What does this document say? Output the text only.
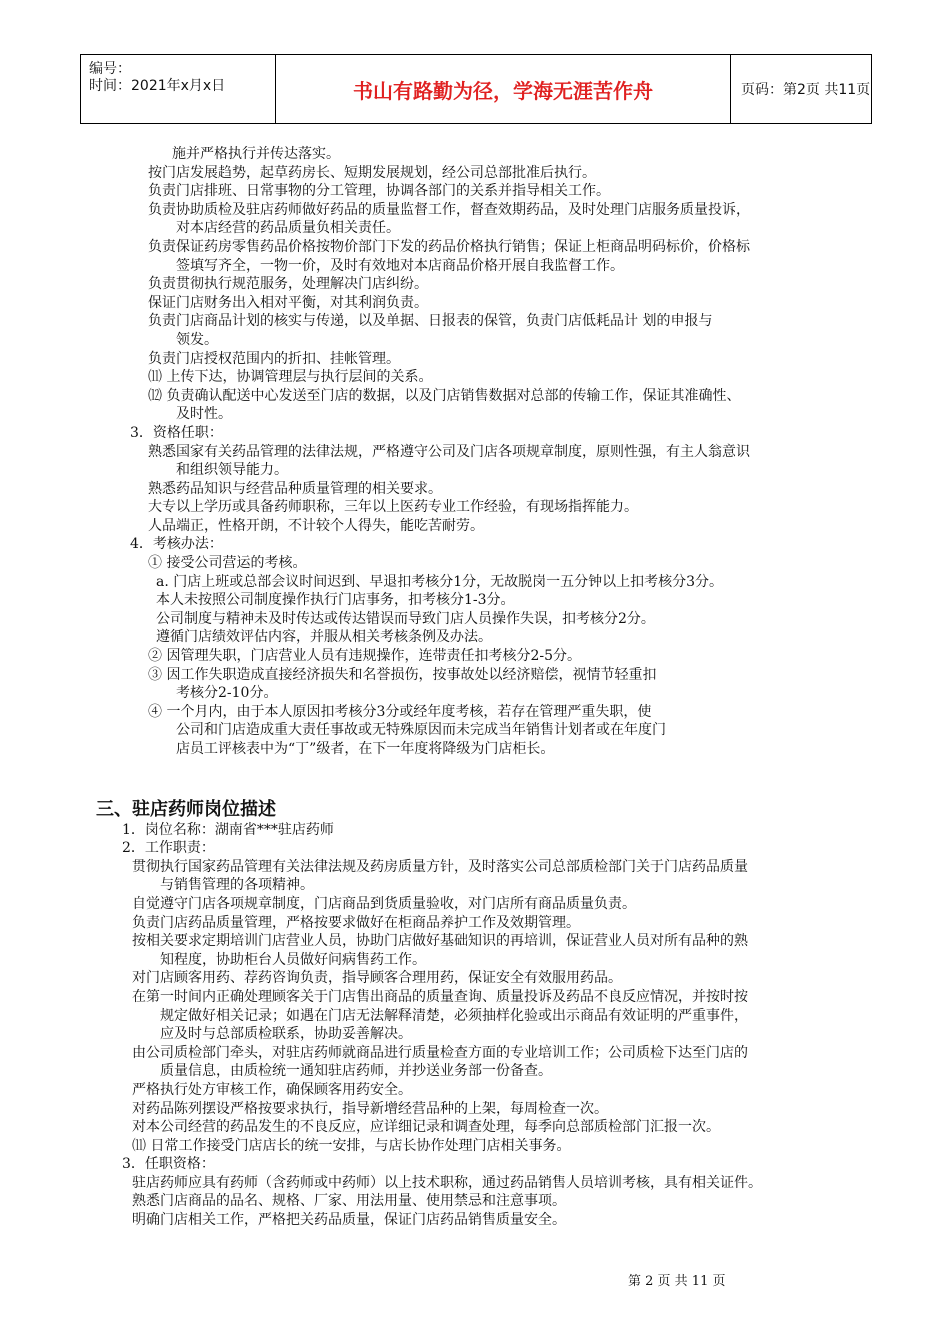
编号：
时间：2021年x月x日	书山有路勤为径，学海无涯苦作舟	页码：第2页 共11页
施并严格执行并传达落实。
按门店发展趋势，起草药房长、短期发展规划，经公司总部批准后执行。
负责门店排班、日常事物的分工管理，协调各部门的关系并指导相关工作。
负责协助质检及驻店药师做好药品的质量监督工作，督查效期药品，及时处理门店服务质量投诉，
对本店经营的药品质量负相关责任。
负责保证药房零售药品价格按物价部门下发的药品价格执行销售；保证上柜商品明码标价，价格标
签填写齐全，一物一价，及时有效地对本店商品价格开展自我监督工作。
负责贯彻执行规范服务，处理解决门店纠纷。
保证门店财务出入相对平衡，对其利润负责。
负责门店商品计划的核实与传递，以及单据、日报表的保管，负责门店低耗品计 划的申报与
领发。
负责门店授权范围内的折扣、挂帐管理。
⑾ 上传下达，协调管理层与执行层间的关系。
⑿ 负责确认配送中心发送至门店的数据，以及门店销售数据对总部的传输工作，保证其准确性、
及时性。
3．资格任职：
熟悉国家有关药品管理的法律法规，严格遵守公司及门店各项规章制度，原则性强，有主人翁意识
和组织领导能力。
熟悉药品知识与经营品种质量管理的相关要求。
大专以上学历或具备药师职称，三年以上医药专业工作经验，有现场指挥能力。
人品端正，性格开朗，不计较个人得失，能吃苦耐劳。
4．考核办法：
① 接受公司营运的考核。
a. 门店上班或总部会议时间迟到、早退扣考核分1分，无故脱岗一五分钟以上扣考核分3分。
本人未按照公司制度操作执行门店事务，扣考核分1-3分。
公司制度与精神未及时传达或传达错误而导致门店人员操作失误，扣考核分2分。
遵循门店绩效评估内容，并服从相关考核条例及办法。
② 因管理失职，门店营业人员有违规操作，连带责任扣考核分2-5分。
③ 因工作失职造成直接经济损失和名誉损伤，按事故处以经济赔偿，视情节轻重扣
考核分2-10分。
④ 一个月内，由于本人原因扣考核分3分或经年度考核，若存在管理严重失职，使
公司和门店造成重大责任事故或无特殊原因而未完成当年销售计划者或在年度门
店员工评核表中为“丁”级者，在下一年度将降级为门店柜长。
三、驻店药师岗位描述
1．岗位名称：湖南省***驻店药师
2．工作职责：
贯彻执行国家药品管理有关法律法规及药房质量方针，及时落实公司总部质检部门关于门店药品质量
与销售管理的各项精神。
自觉遵守门店各项规章制度，门店商品到货质量验收，对门店所有商品质量负责。
负责门店药品质量管理，严格按要求做好在柜商品养护工作及效期管理。
按相关要求定期培训门店营业人员，协助门店做好基础知识的再培训，保证营业人员对所有品种的熟
知程度，协助柜台人员做好问病售药工作。
对门店顾客用药、荐药咨询负责，指导顾客合理用药，保证安全有效服用药品。
在第一时间内正确处理顾客关于门店售出商品的质量查询、质量投诉及药品不良反应情况，并按时按
规定做好相关记录；如遇在门店无法解释清楚，必须抽样化验或出示商品有效证明的严重事件，
应及时与总部质检联系，协助妥善解决。
由公司质检部门牵头，对驻店药师就商品进行质量检查方面的专业培训工作；公司质检下达至门店的
质量信息，由质检统一通知驻店药师，并抄送业务部一份备查。
严格执行处方审核工作，确保顾客用药安全。
对药品陈列摆设严格按要求执行，指导新增经营品种的上架，每周检查一次。
对本公司经营的药品发生的不良反应，应详细记录和调查处理，每季向总部质检部门汇报一次。
⑾ 日常工作接受门店店长的统一安排，与店长协作处理门店相关事务。
3．任职资格：
驻店药师应具有药师（含药师或中药师）以上技术职称，通过药品销售人员培训考核，具有相关证件。
熟悉门店商品的品名、规格、厂家、用法用量、使用禁忌和注意事项。
明确门店相关工作，严格把关药品质量，保证门店药品销售质量安全。
第 2 页 共 11 页
